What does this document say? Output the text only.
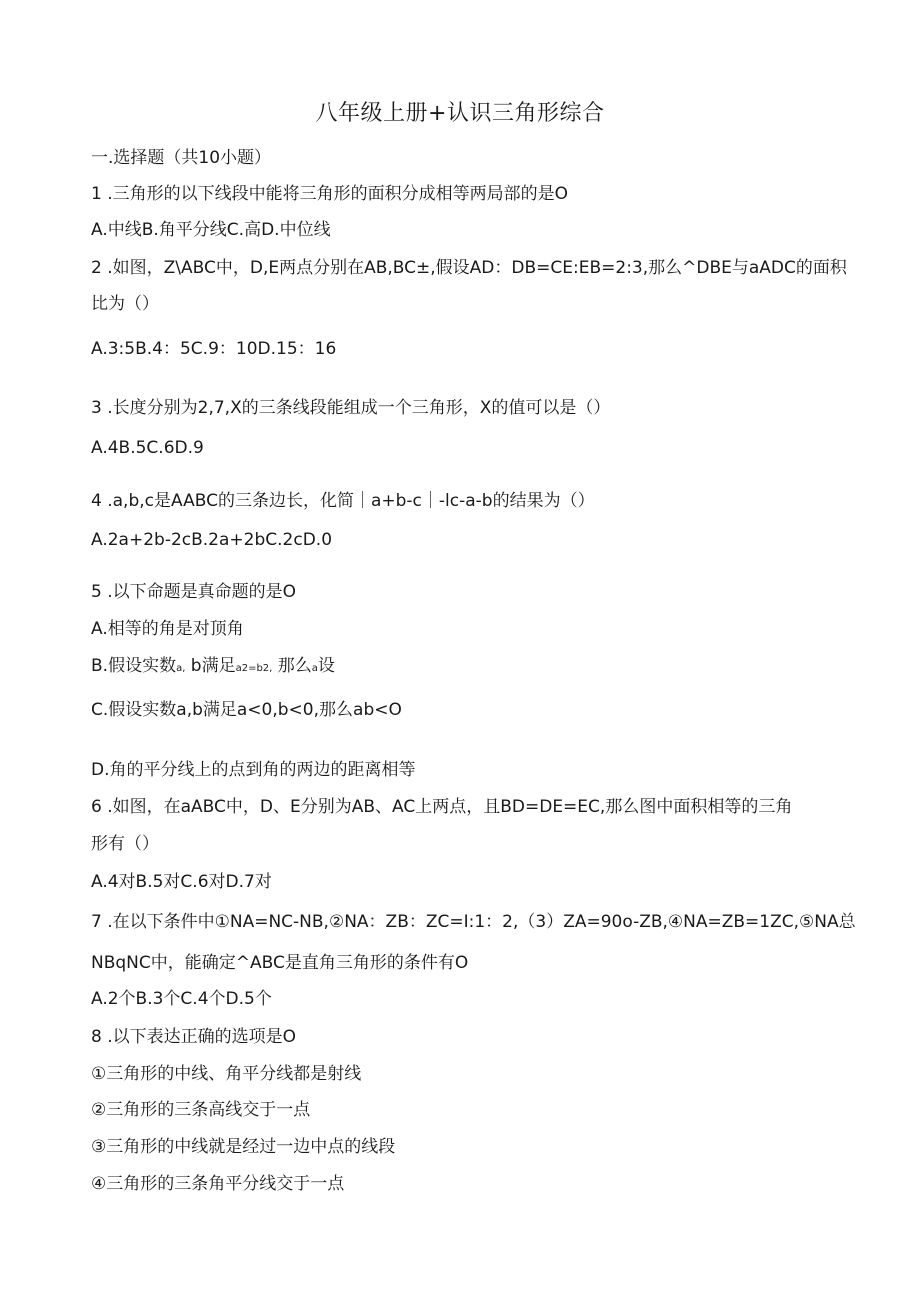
八年级上册+认识三角形综合
一.选择题（共10小题）
1 .三角形的以下线段中能将三角形的面积分成相等两局部的是O
A.中线B.角平分线C.高D.中位线
2 .如图，Z\ABC中，D,E两点分别在AB,BC±,假设AD：DB=CE:EB=2:3,那么^DBE与aADC的面积
比为（）
A.3:5B.4：5C.9：10D.15：16
3 .长度分别为2,7,X的三条线段能组成一个三角形，X的值可以是（）
A.4B.5C.6D.9
4 .a,b,c是AABC的三条边长，化简｜a+b-c｜-lc-a-b的结果为（）
A.2a+2b-2cB.2a+2bC.2cD.0
5 .以下命题是真命题的是O
A.相等的角是对顶角
B.假设实数a, b满足a2=b2, 那么a设
C.假设实数a,b满足a<0,b<0,那么ab<O
D.角的平分线上的点到角的两边的距离相等
6 .如图，在aABC中，D、E分别为AB、AC上两点，且BD=DE=EC,那么图中面积相等的三角
形有（）
A.4对B.5对C.6对D.7对
7 .在以下条件中①NA=NC-NB,②NA：ZB：ZC=I:1：2,（3）ZA=90o-ZB,④NA=ZB=1ZC,⑤NA总
NBqNC中，能确定^ABC是直角三角形的条件有O
A.2个B.3个C.4个D.5个
8 .以下表达正确的选项是O
①三角形的中线、角平分线都是射线
②三角形的三条高线交于一点
③三角形的中线就是经过一边中点的线段
④三角形的三条角平分线交于一点
